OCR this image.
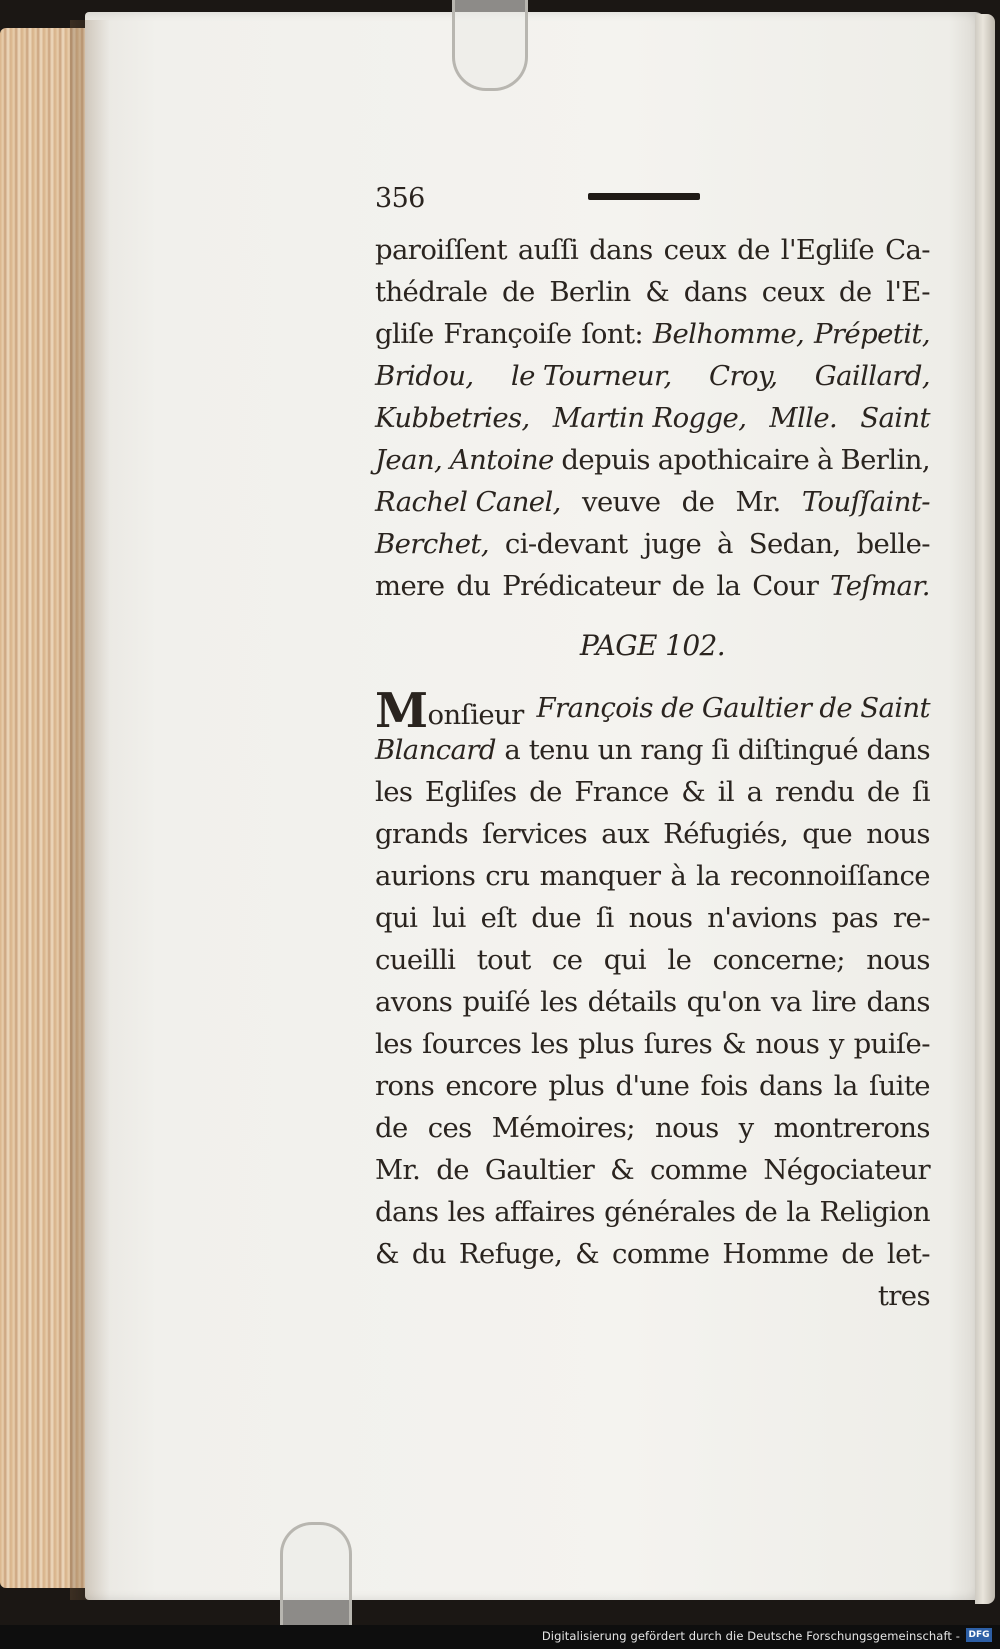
356
paroiſſent auſſi dans ceux de l'Egliſe Ca-
thédrale de Berlin & dans ceux de l'E-
gliſe Françoiſe ſont: Belhomme, Prépetit,
Bridou, le Tourneur, Croy, Gaillard,
Kubbetries, Martin Rogge, Mlle. Saint
Jean, Antoine depuis apothicaire à Berlin,
Rachel Canel, veuve de Mr. Touſſaint-
Berchet, ci-devant juge à Sedan, belle-
mere du Prédicateur de la Cour Teſmar.
PAGE 102.
Monſieur François de Gaultier de Saint
Blancard a tenu un rang ſi diſtingué dans
les Egliſes de France & il a rendu de ſi
grands ſervices aux Réfugiés, que nous
aurions cru manquer à la reconnoiſſance
qui lui eſt due ſi nous n'avions pas re-
cueilli tout ce qui le concerne; nous
avons puiſé les détails qu'on va lire dans
les ſources les plus ſures & nous y puiſe-
rons encore plus d'une fois dans la ſuite
de ces Mémoires; nous y montrerons
Mr. de Gaultier & comme Négociateur
dans les affaires générales de la Religion
& du Refuge, & comme Homme de let-
tres
Digitalisierung gefördert durch die Deutsche Forschungsgemeinschaft - DFG
